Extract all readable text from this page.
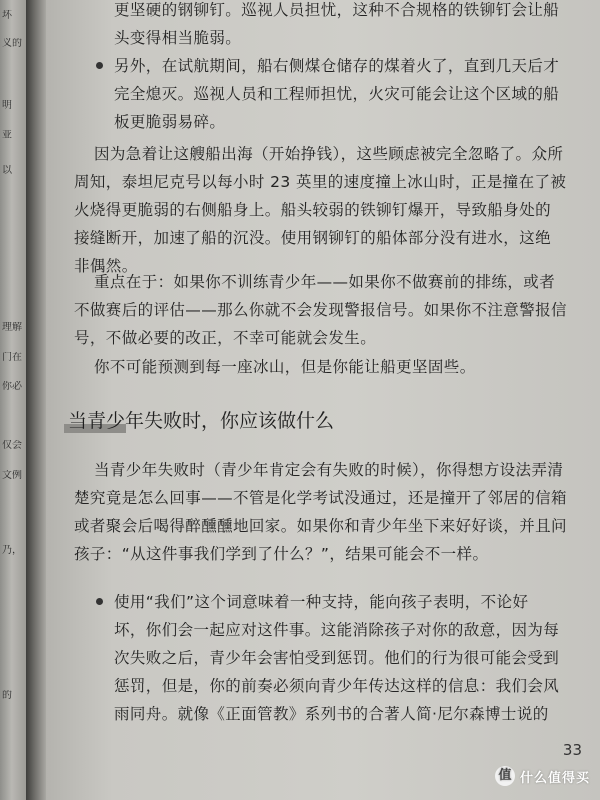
坏
义的
明
亚
以
理解
门在
你必
仅会
文例
乃，
的
更坚硬的钢铆钉。巡视人员担忧，这种不合规格的铁铆钉会让船
头变得相当脆弱。
另外，在试航期间，船右侧煤仓储存的煤着火了，直到几天后才
完全熄灭。巡视人员和工程师担忧，火灾可能会让这个区域的船
板更脆弱易碎。
因为急着让这艘船出海（开始挣钱），这些顾虑被完全忽略了。众所
周知，泰坦尼克号以每小时 23 英里的速度撞上冰山时，正是撞在了被
火烧得更脆弱的右侧船身上。船头较弱的铁铆钉爆开，导致船身处的
接缝断开，加速了船的沉没。使用钢铆钉的船体部分没有进水，这绝
非偶然。
重点在于：如果你不训练青少年——如果你不做赛前的排练，或者
不做赛后的评估——那么你就不会发现警报信号。如果你不注意警报信
号，不做必要的改正，不幸可能就会发生。
你不可能预测到每一座冰山，但是你能让船更坚固些。
当青少年失败时，你应该做什么
当青少年失败时（青少年肯定会有失败的时候），你得想方设法弄清
楚究竟是怎么回事——不管是化学考试没通过，还是撞开了邻居的信箱
或者聚会后喝得醉醺醺地回家。如果你和青少年坐下来好好谈，并且问
孩子：“从这件事我们学到了什么？”，结果可能会不一样。
使用“我们”这个词意味着一种支持，能向孩子表明，不论好
坏，你们会一起应对这件事。这能消除孩子对你的敌意，因为每
次失败之后，青少年会害怕受到惩罚。他们的行为很可能会受到
惩罚，但是，你的前奏必须向青少年传达这样的信息：我们会风
雨同舟。就像《正面管教》系列书的合著人简·尼尔森博士说的
33
值 什么值得买
